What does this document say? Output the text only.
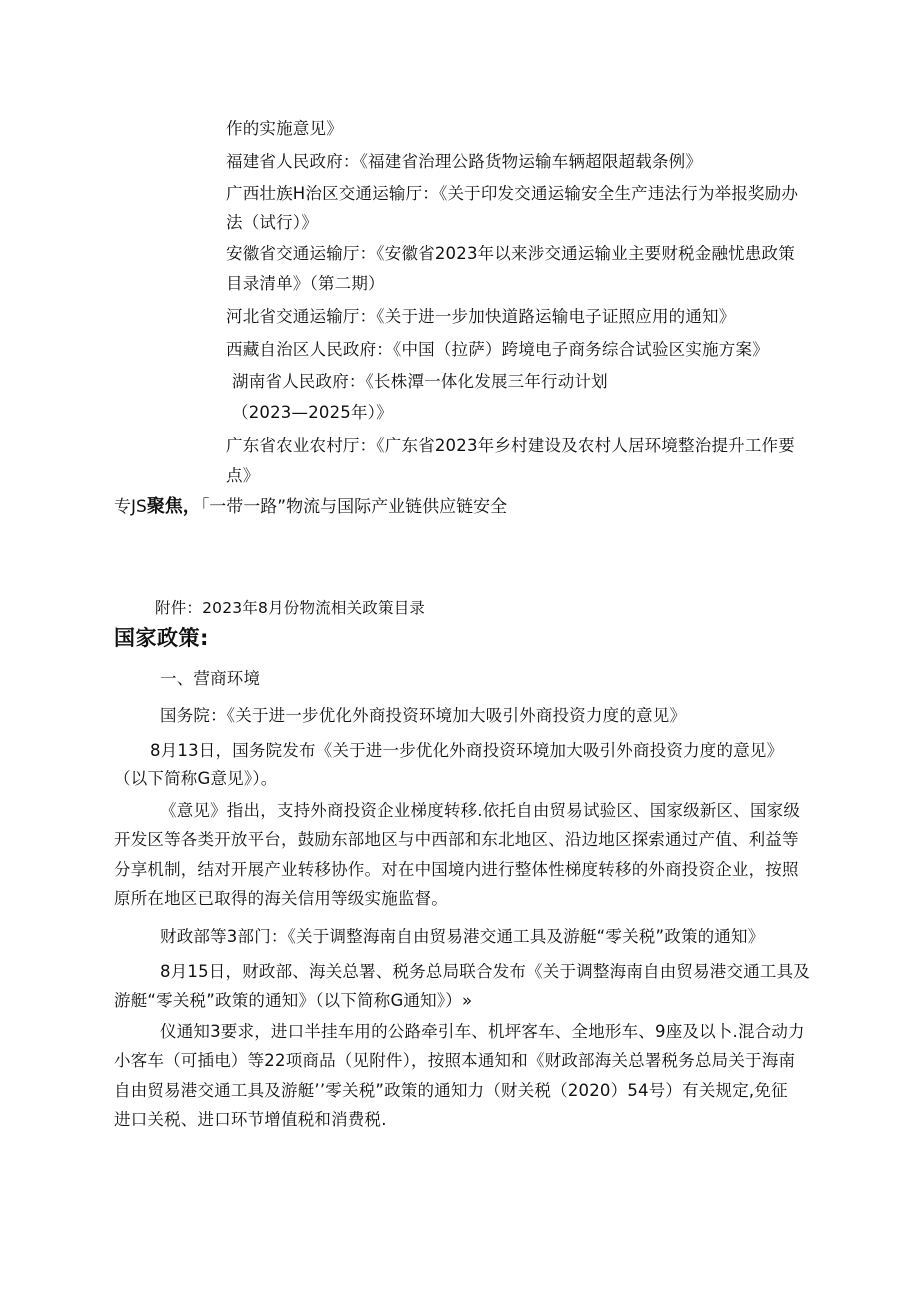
作的实施意见》
福建省人民政府：《福建省治理公路货物运输车辆超限超载条例》
广西壮族H治区交通运输厅：《关于印发交通运输安全生产违法行为举报奖励办
法（试行）》
安徽省交通运输厅：《安徽省2023年以来涉交通运输业主要财税金融忧患政策
目录清单》（第二期）
河北省交通运输厅：《关于进一步加快道路运输电子证照应用的通知》
西藏自治区人民政府：《中国（拉萨）跨境电子商务综合试验区实施方案》
湖南省人民政府：《长株潭一体化发展三年行动计划
（2023—2025年）》
广东省农业农村厅：《广东省2023年乡村建设及农村人居环境整治提升工作要
点》
专JS聚焦，「一带一路”物流与国际产业链供应链安全
附件：2023年8月份物流相关政策目录
国家政策:
一、营商环境
国务院：《关于进一步优化外商投资环境加大吸引外商投资力度的意见》
8月13日，国务院发布《关于进一步优化外商投资环境加大吸引外商投资力度的意见》
（以下简称G意见》）。
《意见》指出，支持外商投资企业梯度转移.依托自由贸易试验区、国家级新区、国家级
开发区等各类开放平台，鼓励东部地区与中西部和东北地区、沿边地区探索通过产值、利益等
分享机制，结对开展产业转移协作。对在中国境内进行整体性梯度转移的外商投资企业，按照
原所在地区已取得的海关信用等级实施监督。
财政部等3部门：《关于调整海南自由贸易港交通工具及游艇“零关税”政策的通知》
8月15日，财政部、海关总署、税务总局联合发布《关于调整海南自由贸易港交通工具及
游艇“零关税”政策的通知》（以下简称G通知》）»
仪通知3要求，进口半挂车用的公路牵引车、机坪客车、全地形车、9座及以卜.混合动力
小客车（可插电）等22项商品（见附件），按照本通知和《财政部海关总署税务总局关于海南
自由贸易港交通工具及游艇’’零关税”政策的通知力（财关税（2020）54号）有关规定,免征
进口关税、进口环节增值税和消费税.
